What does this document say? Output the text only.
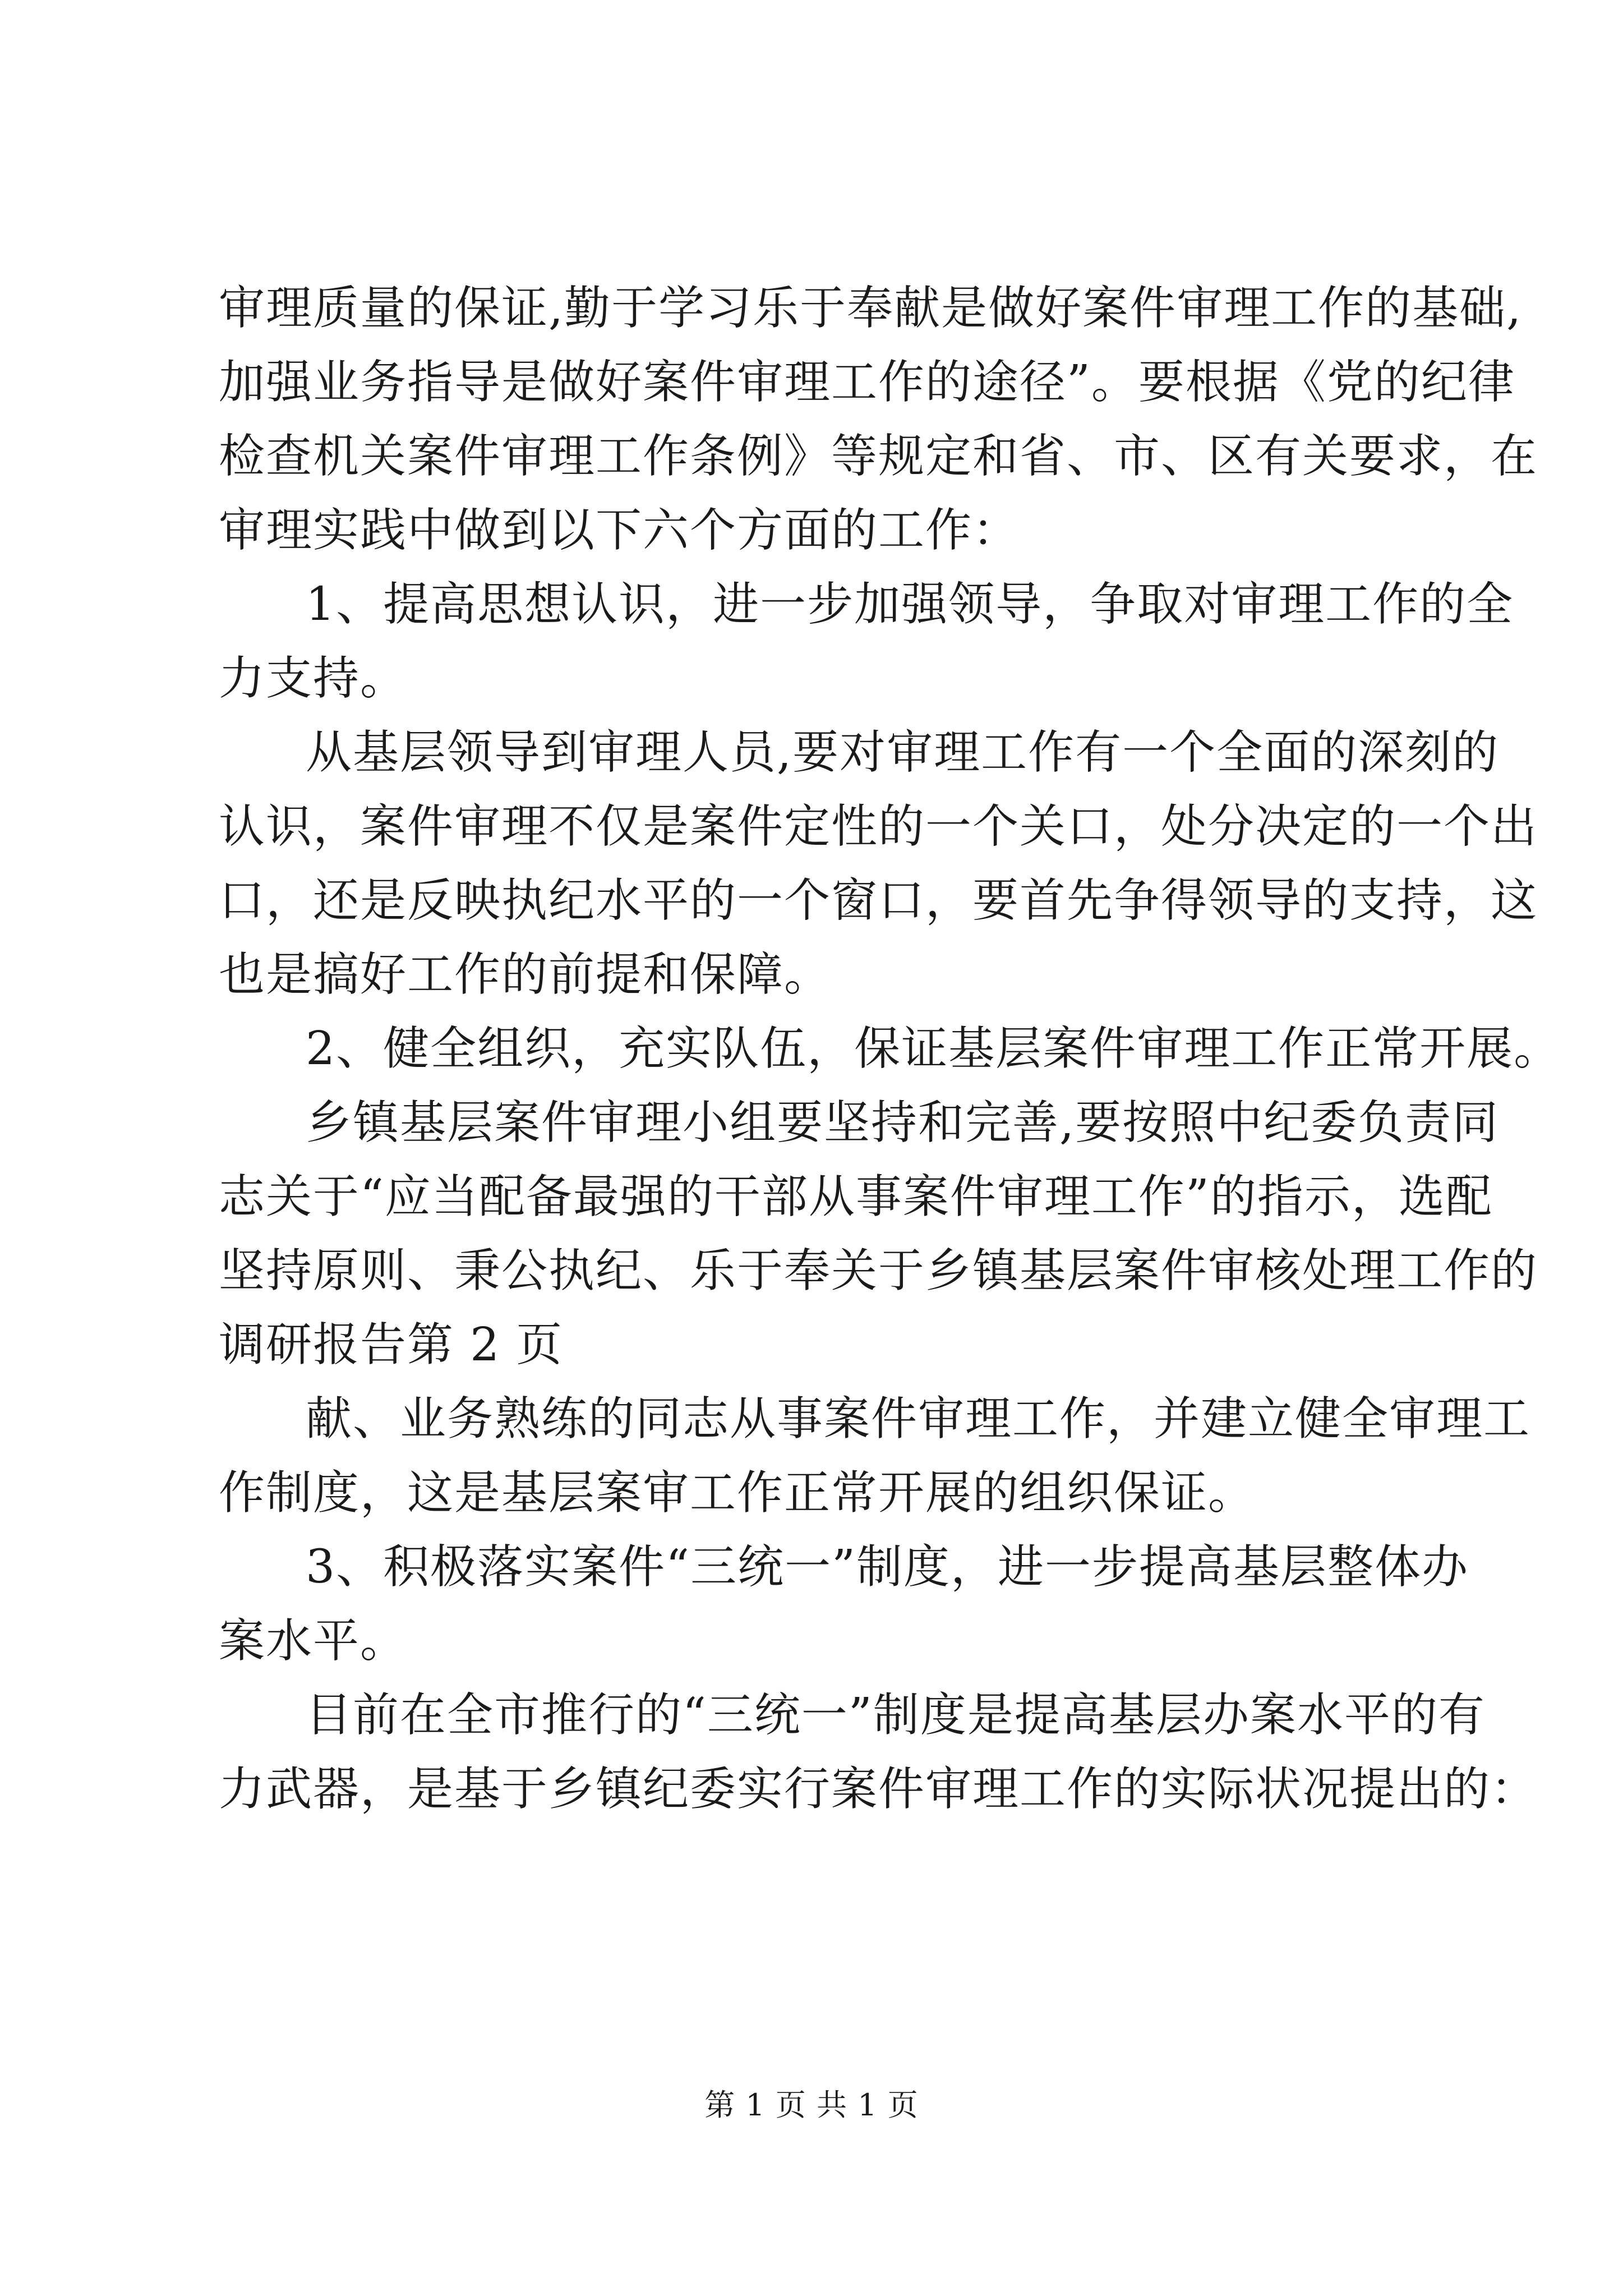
审理质量的保证,勤于学习乐于奉献是做好案件审理工作的基础,
加强业务指导是做好案件审理工作的途径”。要根据《党的纪律
检查机关案件审理工作条例》等规定和省、市、区有关要求，在
审理实践中做到以下六个方面的工作：
1、提高思想认识，进一步加强领导，争取对审理工作的全
力支持。
从基层领导到审理人员,要对审理工作有一个全面的深刻的
认识，案件审理不仅是案件定性的一个关口，处分决定的一个出
口，还是反映执纪水平的一个窗口，要首先争得领导的支持，这
也是搞好工作的前提和保障。
2、健全组织，充实队伍，保证基层案件审理工作正常开展。
乡镇基层案件审理小组要坚持和完善,要按照中纪委负责同
志关于“应当配备最强的干部从事案件审理工作”的指示，选配
坚持原则、秉公执纪、乐于奉关于乡镇基层案件审核处理工作的
调研报告第 2 页
献、业务熟练的同志从事案件审理工作，并建立健全审理工
作制度，这是基层案审工作正常开展的组织保证。
3、积极落实案件“三统一”制度，进一步提高基层整体办
案水平。
目前在全市推行的“三统一”制度是提高基层办案水平的有
力武器，是基于乡镇纪委实行案件审理工作的实际状况提出的：
第 1 页 共 1 页
